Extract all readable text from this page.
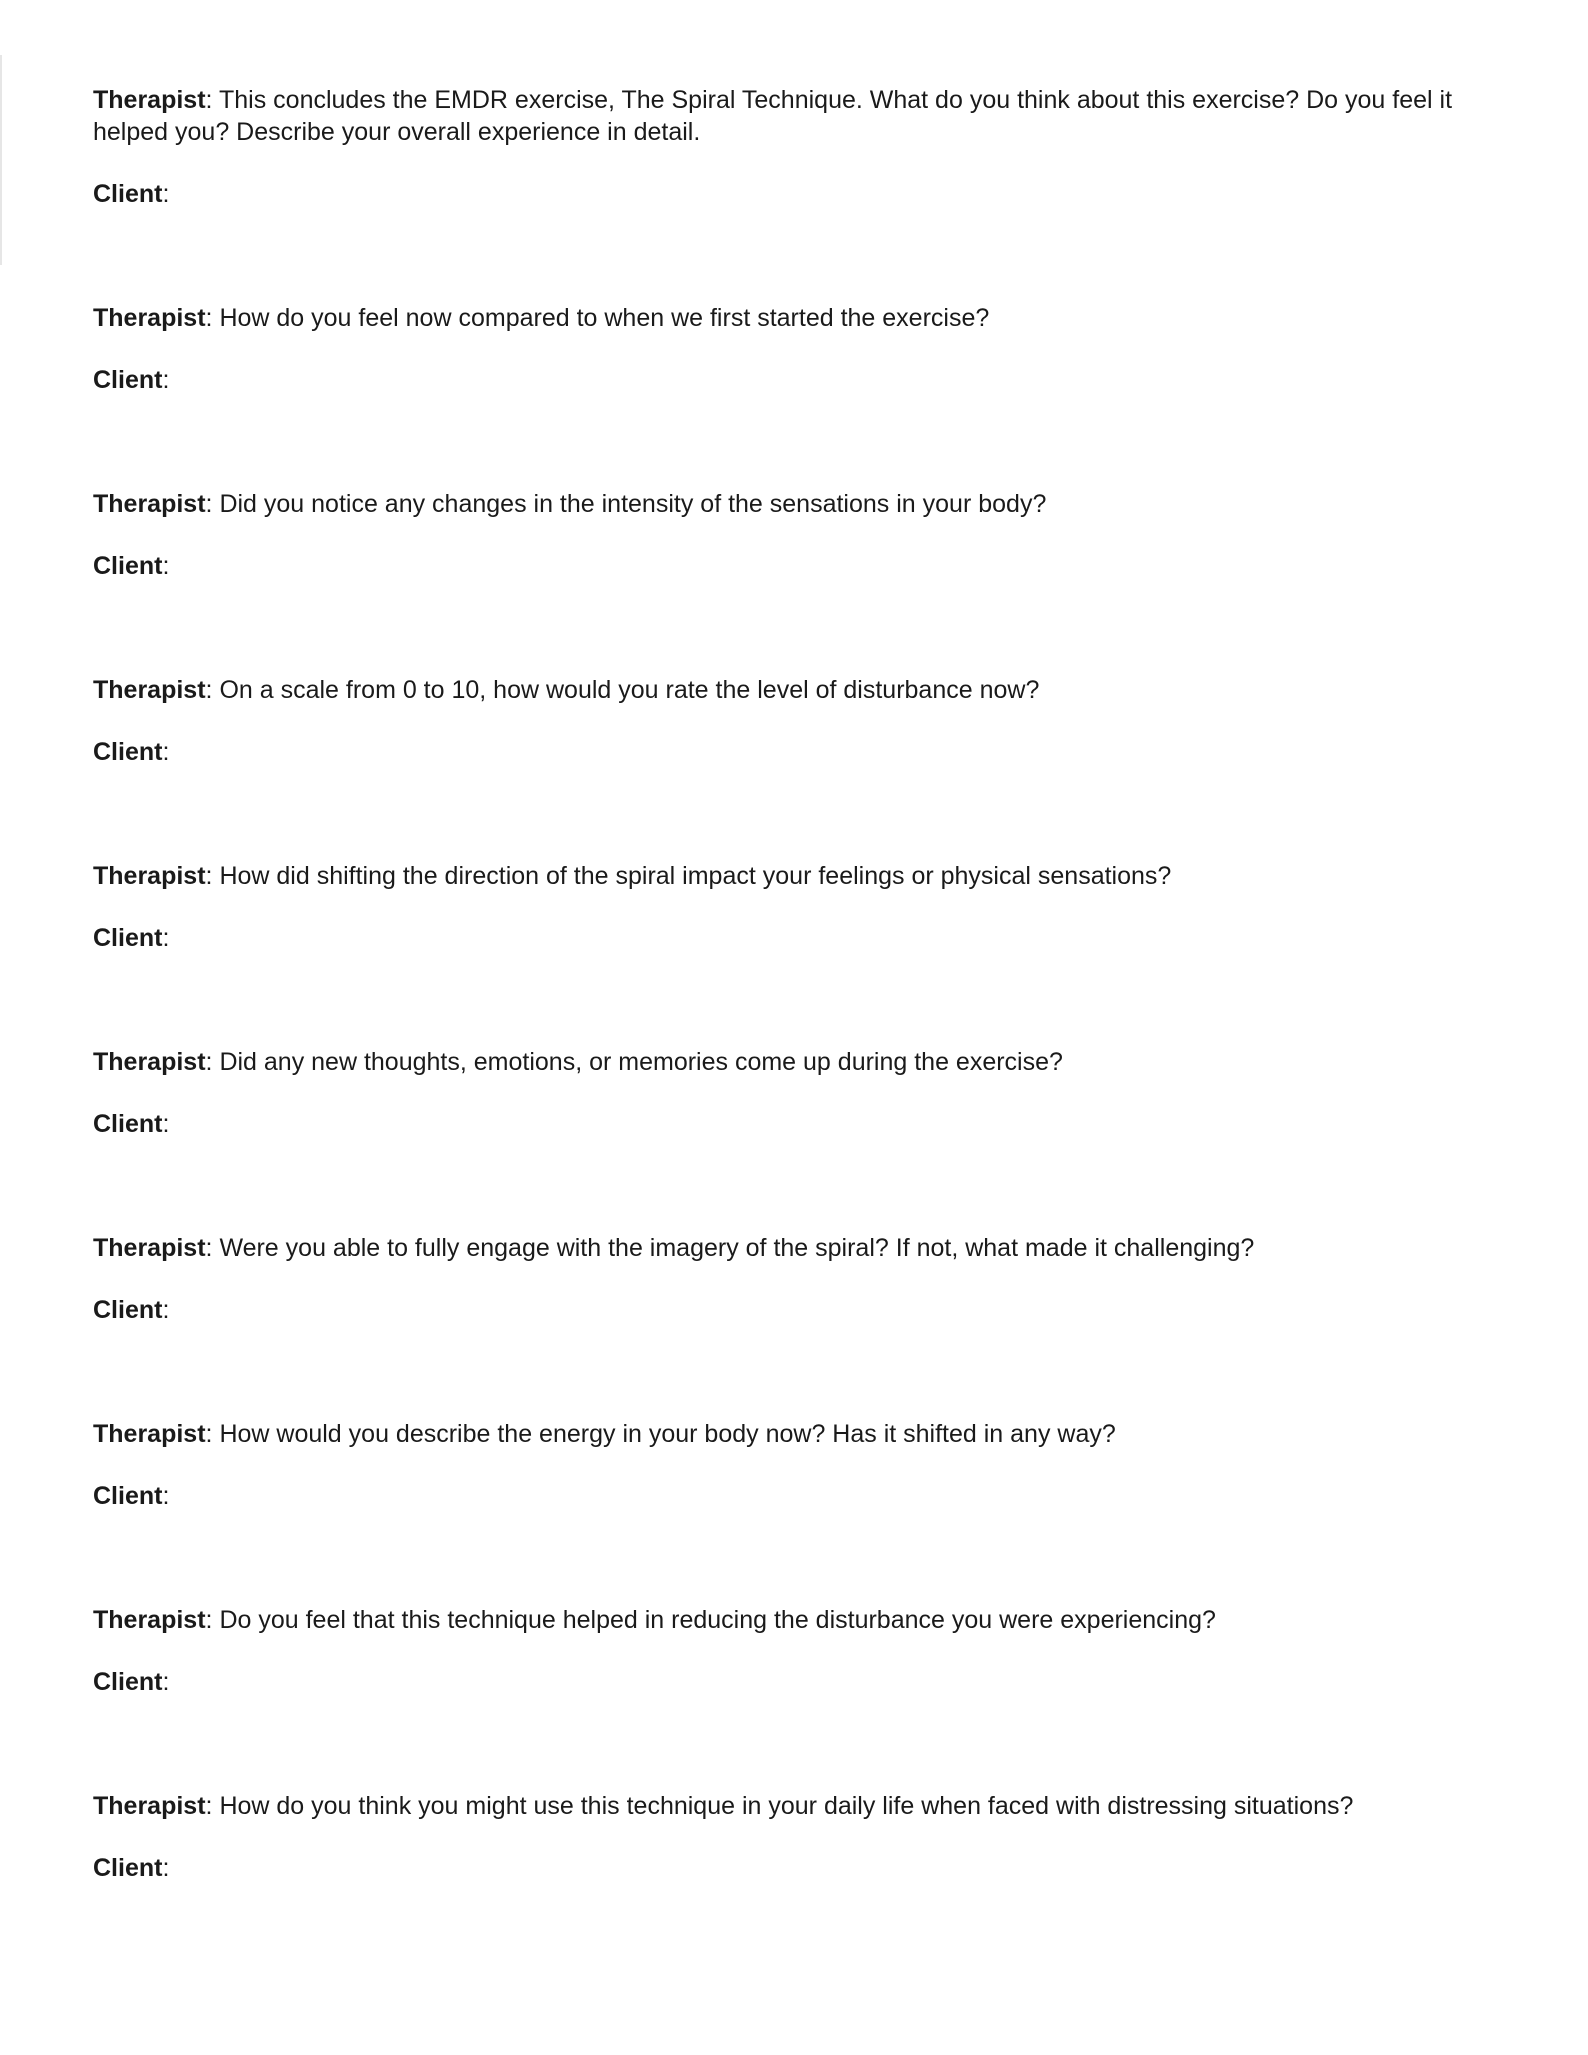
Therapist: This concludes the EMDR exercise, The Spiral Technique. What do you think about this exercise? Do you feel it helped you? Describe your overall experience in detail.

Client:

Therapist: How do you feel now compared to when we first started the exercise?

Client:

Therapist: Did you notice any changes in the intensity of the sensations in your body?

Client:

Therapist: On a scale from 0 to 10, how would you rate the level of disturbance now?

Client:

Therapist: How did shifting the direction of the spiral impact your feelings or physical sensations?

Client:

Therapist: Did any new thoughts, emotions, or memories come up during the exercise?

Client:

Therapist: Were you able to fully engage with the imagery of the spiral? If not, what made it challenging?

Client:

Therapist: How would you describe the energy in your body now? Has it shifted in any way?

Client:

Therapist: Do you feel that this technique helped in reducing the disturbance you were experiencing?

Client:

Therapist: How do you think you might use this technique in your daily life when faced with distressing situations?

Client:
